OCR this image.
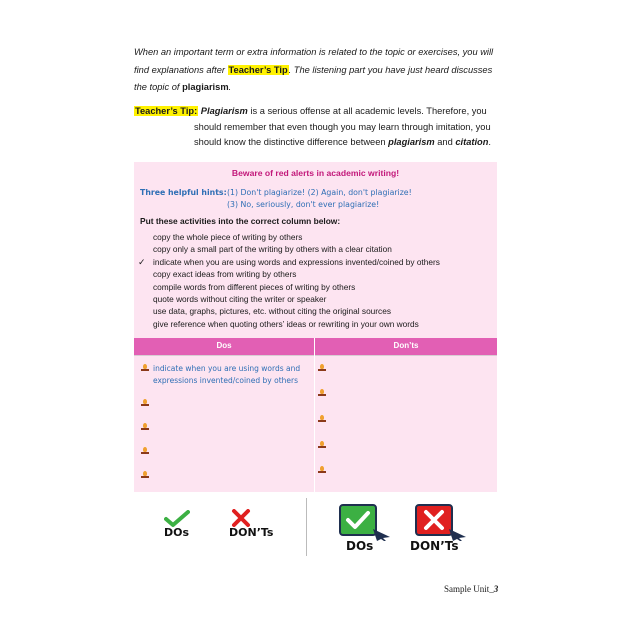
When an important term or extra information is related to the topic or exercises, you will find explanations after Teacher’s Tip. The listening part you have just heard discusses the topic of plagiarism.
Teacher’s Tip: Plagiarism is a serious offense at all academic levels. Therefore, you
should remember that even though you may learn through imitation, you
should know the distinctive difference between plagiarism and citation.
Beware of red alerts in academic writing!
Three helpful hints:(1) Don't plagiarize! (2) Again, don't plagiarize!
(3) No, seriously, don't ever plagiarize!
Put these activities into the correct column below:
copy the whole piece of writing by others
copy only a small part of the writing by others with a clear citation
✓ indicate when you are using words and expressions invented/coined by others
copy exact ideas from writing by others
compile words from different pieces of writing by others
quote words without citing the writer or speaker
use data, graphs, pictures, etc. without citing the original sources
give reference when quoting others’ ideas or rewriting in your own words
Dos	Don’ts
indicate when you are using words and expressions invented/coined by others
DOs	DON’Ts
DOs	DON’Ts
Sample Unit_3
